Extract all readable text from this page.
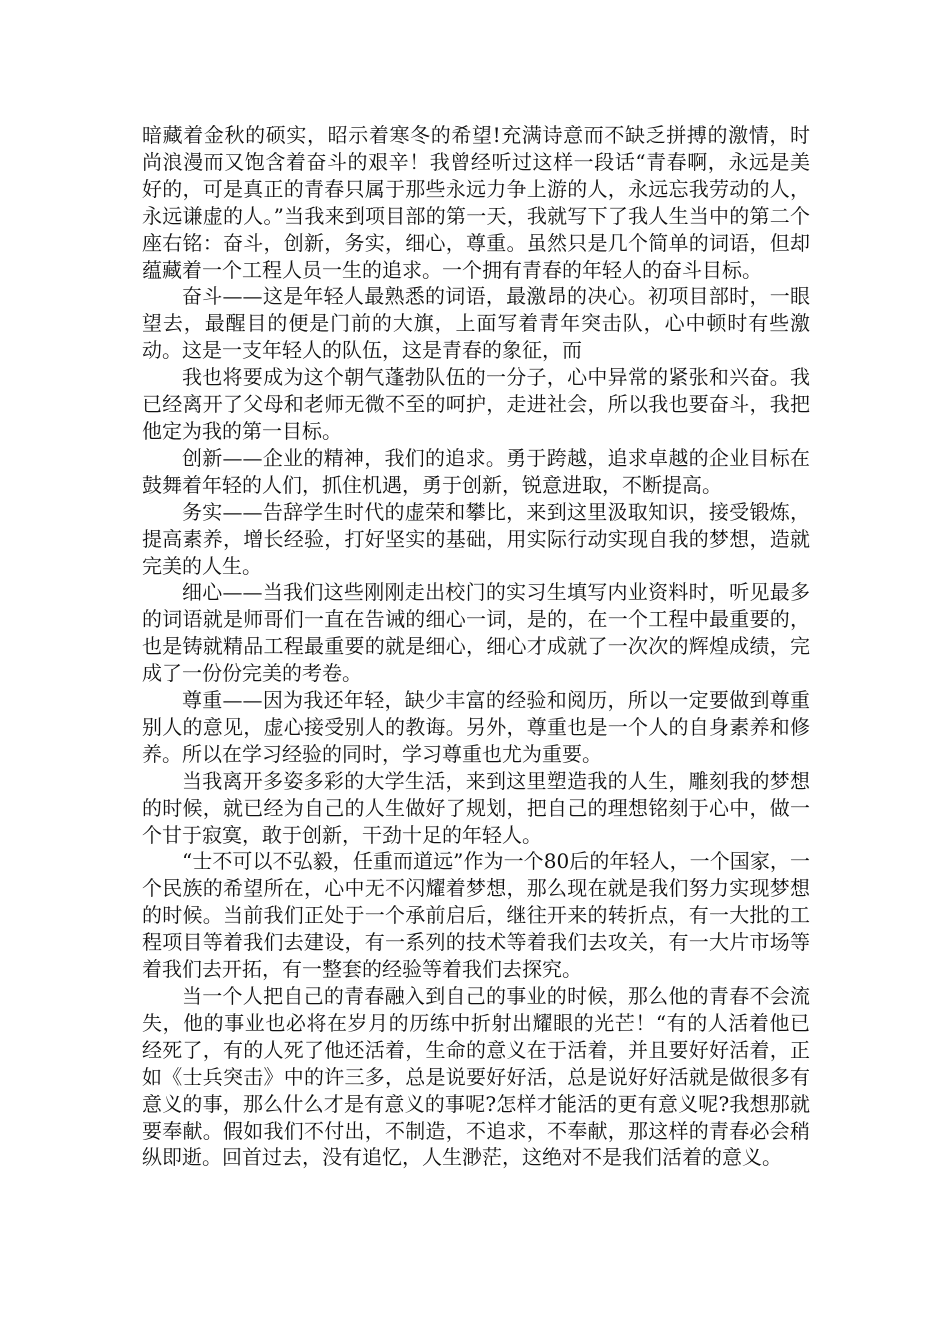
暗藏着金秋的硕实，昭示着寒冬的希望!充满诗意而不缺乏拼搏的激情，时尚浪漫而又饱含着奋斗的艰辛！我曾经听过这样一段话“青春啊，永远是美好的，可是真正的青春只属于那些永远力争上游的人，永远忘我劳动的人，永远谦虚的人。”当我来到项目部的第一天，我就写下了我人生当中的第二个座右铭：奋斗，创新，务实，细心，尊重。虽然只是几个简单的词语，但却蕴藏着一个工程人员一生的追求。一个拥有青春的年轻人的奋斗目标。

奋斗——这是年轻人最熟悉的词语，最激昂的决心。初项目部时，一眼望去，最醒目的便是门前的大旗，上面写着青年突击队，心中顿时有些激动。这是一支年轻人的队伍，这是青春的象征，而

我也将要成为这个朝气蓬勃队伍的一分子，心中异常的紧张和兴奋。我已经离开了父母和老师无微不至的呵护，走进社会，所以我也要奋斗，我把他定为我的第一目标。

创新——企业的精神，我们的追求。勇于跨越，追求卓越的企业目标在鼓舞着年轻的人们，抓住机遇，勇于创新，锐意进取，不断提高。

务实——告辞学生时代的虚荣和攀比，来到这里汲取知识，接受锻炼，提高素养，增长经验，打好坚实的基础，用实际行动实现自我的梦想，造就完美的人生。

细心——当我们这些刚刚走出校门的实习生填写内业资料时，听见最多的词语就是师哥们一直在告诫的细心一词，是的，在一个工程中最重要的，也是铸就精品工程最重要的就是细心，细心才成就了一次次的辉煌成绩，完成了一份份完美的考卷。

尊重——因为我还年轻，缺少丰富的经验和阅历，所以一定要做到尊重别人的意见，虚心接受别人的教诲。另外，尊重也是一个人的自身素养和修养。所以在学习经验的同时，学习尊重也尤为重要。

当我离开多姿多彩的大学生活，来到这里塑造我的人生，雕刻我的梦想的时候，就已经为自己的人生做好了规划，把自己的理想铭刻于心中，做一个甘于寂寞，敢于创新，干劲十足的年轻人。

“士不可以不弘毅，任重而道远”作为一个80后的年轻人，一个国家，一个民族的希望所在，心中无不闪耀着梦想，那么现在就是我们努力实现梦想的时候。当前我们正处于一个承前启后，继往开来的转折点，有一大批的工程项目等着我们去建设，有一系列的技术等着我们去攻关，有一大片市场等着我们去开拓，有一整套的经验等着我们去探究。

当一个人把自己的青春融入到自己的事业的时候，那么他的青春不会流失，他的事业也必将在岁月的历练中折射出耀眼的光芒！“有的人活着他已经死了，有的人死了他还活着，生命的意义在于活着，并且要好好活着，正如《士兵突击》中的许三多，总是说要好好活，总是说好好活就是做很多有意义的事，那么什么才是有意义的事呢?怎样才能活的更有意义呢?我想那就要奉献。假如我们不付出，不制造，不追求，不奉献，那这样的青春必会稍纵即逝。回首过去，没有追忆，人生渺茫，这绝对不是我们活着的意义。
